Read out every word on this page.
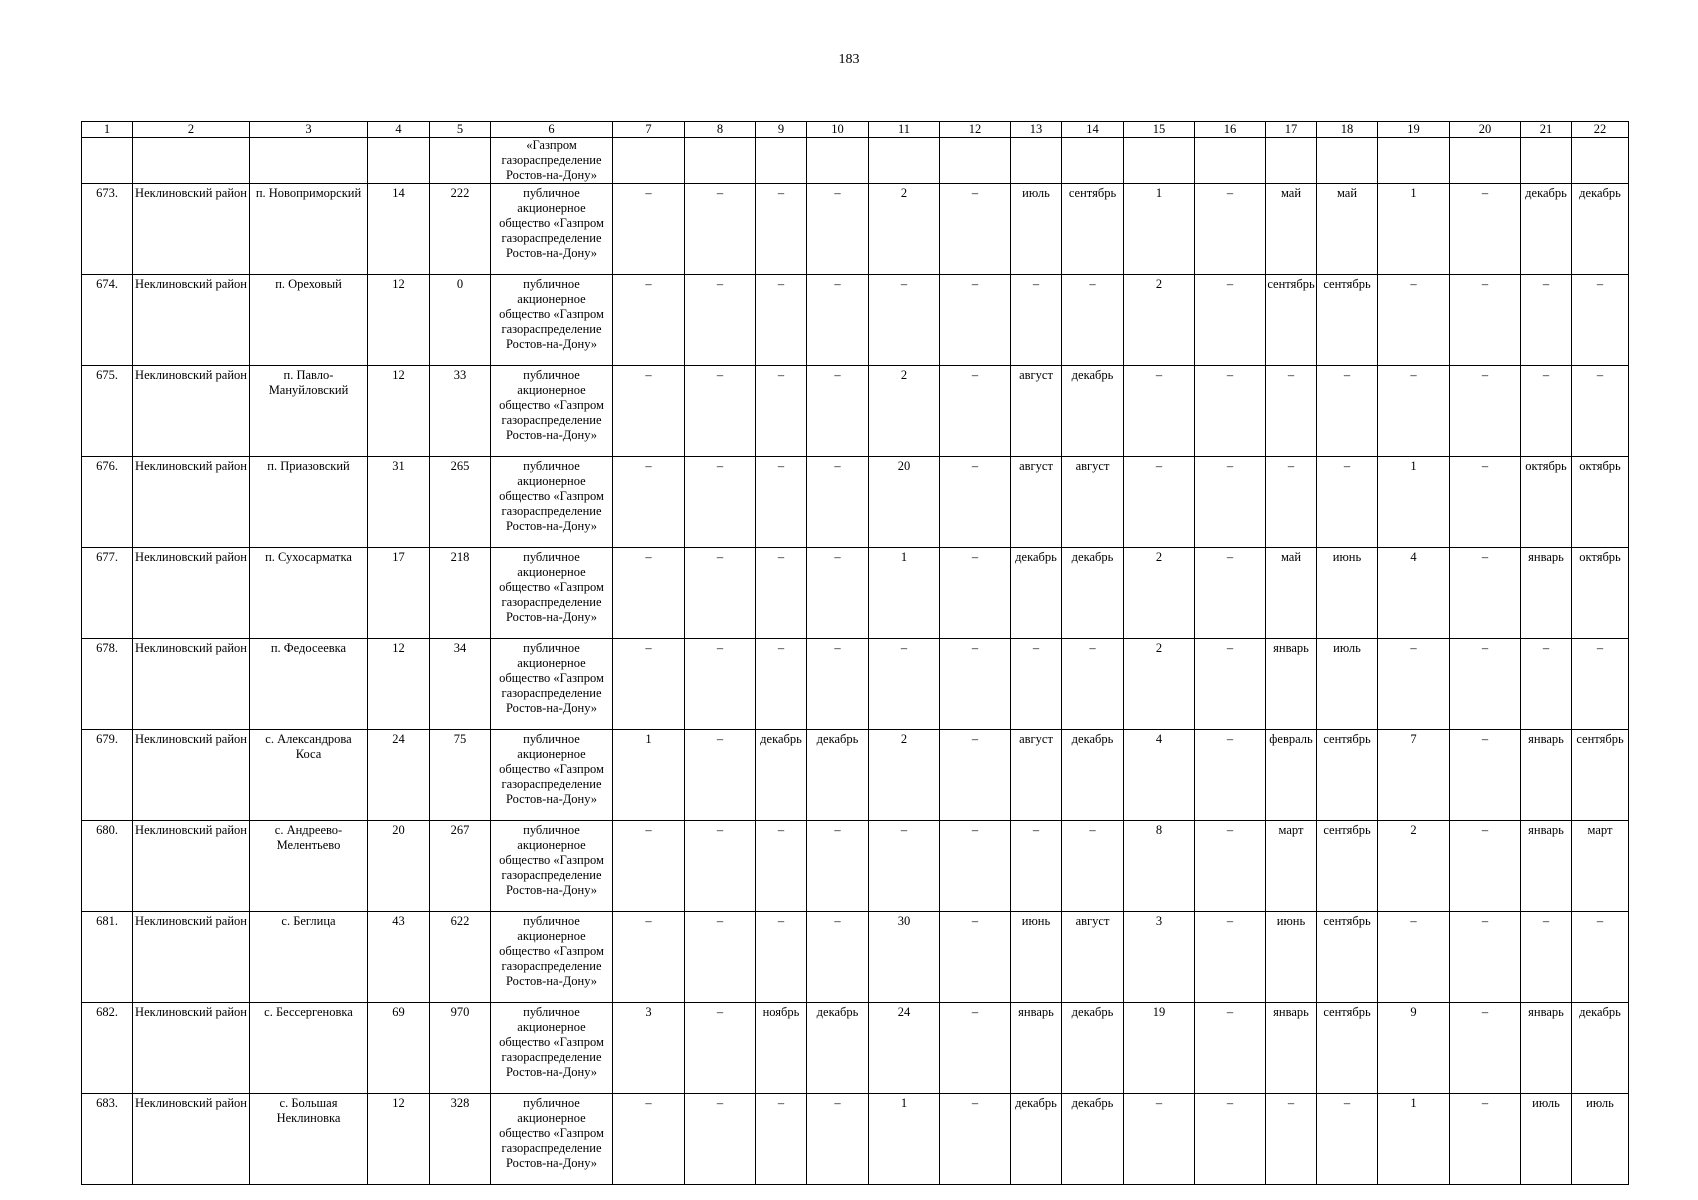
183
1	2	3	4	5	6	7	8	9	10	11	12	13	14	15	16	17	18	19	20	21	22
					«Газпром газораспределение Ростов-на-Дону»																
673.	Неклиновский район	п. Новоприморский	14	222	публичное акционерное общество «Газпром газораспределение Ростов-на-Дону»	–	–	–	–	2	–	июль	сентябрь	1	–	май	май	1	–	декабрь	декабрь
674.	Неклиновский район	п. Ореховый	12	0	публичное акционерное общество «Газпром газораспределение Ростов-на-Дону»	–	–	–	–	–	–	–	–	2	–	сентябрь	сентябрь	–	–	–	–
675.	Неклиновский район	п. Павло-Мануйловский	12	33	публичное акционерное общество «Газпром газораспределение Ростов-на-Дону»	–	–	–	–	2	–	август	декабрь	–	–	–	–	–	–	–	–
676.	Неклиновский район	п. Приазовский	31	265	публичное акционерное общество «Газпром газораспределение Ростов-на-Дону»	–	–	–	–	20	–	август	август	–	–	–	–	1	–	октябрь	октябрь
677.	Неклиновский район	п. Сухосарматка	17	218	публичное акционерное общество «Газпром газораспределение Ростов-на-Дону»	–	–	–	–	1	–	декабрь	декабрь	2	–	май	июнь	4	–	январь	октябрь
678.	Неклиновский район	п. Федосеевка	12	34	публичное акционерное общество «Газпром газораспределение Ростов-на-Дону»	–	–	–	–	–	–	–	–	2	–	январь	июль	–	–	–	–
679.	Неклиновский район	с. Александрова Коса	24	75	публичное акционерное общество «Газпром газораспределение Ростов-на-Дону»	1	–	декабрь	декабрь	2	–	август	декабрь	4	–	февраль	сентябрь	7	–	январь	сентябрь
680.	Неклиновский район	с. Андреево-Мелентьево	20	267	публичное акционерное общество «Газпром газораспределение Ростов-на-Дону»	–	–	–	–	–	–	–	–	8	–	март	сентябрь	2	–	январь	март
681.	Неклиновский район	с. Беглица	43	622	публичное акционерное общество «Газпром газораспределение Ростов-на-Дону»	–	–	–	–	30	–	июнь	август	3	–	июнь	сентябрь	–	–	–	–
682.	Неклиновский район	с. Бессергеновка	69	970	публичное акционерное общество «Газпром газораспределение Ростов-на-Дону»	3	–	ноябрь	декабрь	24	–	январь	декабрь	19	–	январь	сентябрь	9	–	январь	декабрь
683.	Неклиновский район	с. Большая Неклиновка	12	328	публичное акционерное общество «Газпром газораспределение Ростов-на-Дону»	–	–	–	–	1	–	декабрь	декабрь	–	–	–	–	1	–	июль	июль
